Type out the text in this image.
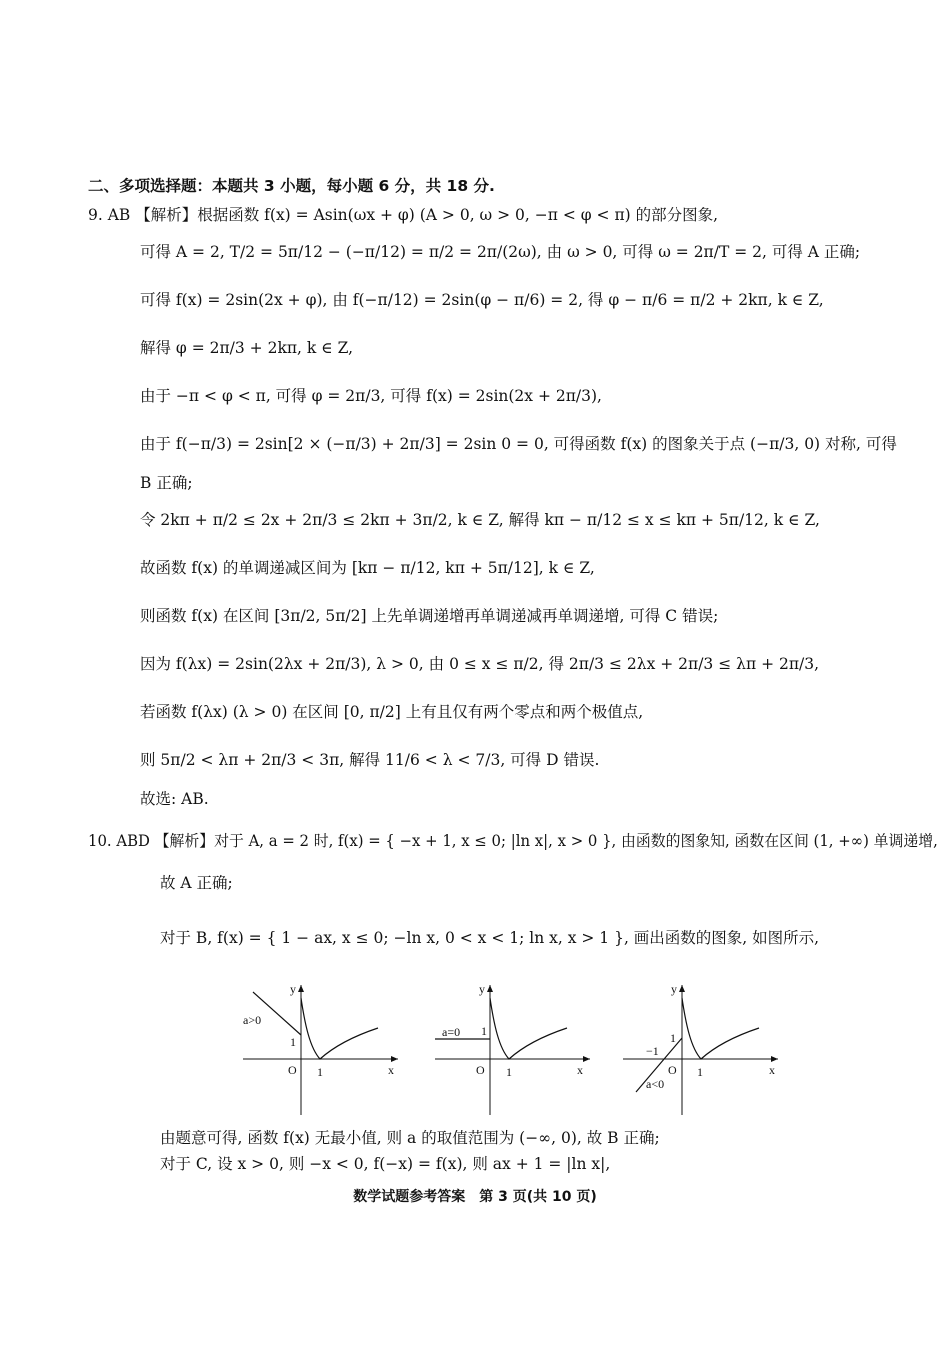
二、多项选择题：本题共 3 小题，每小题 6 分，共 18 分.
9. AB 【解析】根据函数 f(x) = Asin(ωx + φ) (A > 0, ω > 0, −π < φ < π) 的部分图象,
可得 A = 2, T/2 = 5π/12 − (−π/12) = π/2 = 2π/(2ω), 由 ω > 0, 可得 ω = 2π/T = 2, 可得 A 正确;
可得 f(x) = 2sin(2x + φ), 由 f(−π/12) = 2sin(φ − π/6) = 2, 得 φ − π/6 = π/2 + 2kπ, k ∈ Z,
解得 φ = 2π/3 + 2kπ, k ∈ Z,
由于 −π < φ < π, 可得 φ = 2π/3, 可得 f(x) = 2sin(2x + 2π/3),
由于 f(−π/3) = 2sin[2 × (−π/3) + 2π/3] = 2sin 0 = 0, 可得函数 f(x) 的图象关于点 (−π/3, 0) 对称, 可得
B 正确;
令 2kπ + π/2 ≤ 2x + 2π/3 ≤ 2kπ + 3π/2, k ∈ Z, 解得 kπ − π/12 ≤ x ≤ kπ + 5π/12, k ∈ Z,
故函数 f(x) 的单调递减区间为 [kπ − π/12, kπ + 5π/12], k ∈ Z,
则函数 f(x) 在区间 [3π/2, 5π/2] 上先单调递增再单调递减再单调递增, 可得 C 错误;
因为 f(λx) = 2sin(2λx + 2π/3), λ > 0, 由 0 ≤ x ≤ π/2, 得 2π/3 ≤ 2λx + 2π/3 ≤ λπ + 2π/3,
若函数 f(λx) (λ > 0) 在区间 [0, π/2] 上有且仅有两个零点和两个极值点,
则 5π/2 < λπ + 2π/3 < 3π, 解得 11/6 < λ < 7/3, 可得 D 错误.
故选: AB.
10. ABD 【解析】对于 A, a = 2 时, f(x) = { −x + 1, x ≤ 0; |ln x|, x > 0 }, 由函数的图象知, 函数在区间 (1, +∞) 单调递增,
故 A 正确;
对于 B, f(x) = { 1 − ax, x ≤ 0; −ln x, 0 < x < 1; ln x, x > 1 }, 画出函数的图象, 如图所示,
a>0
y
x
O 1
1
a=0
y
x
O 1
1
a<0
y
x
O 1
1
−1
由题意可得, 函数 f(x) 无最小值, 则 a 的取值范围为 (−∞, 0), 故 B 正确;
对于 C, 设 x > 0, 则 −x < 0, f(−x) = f(x), 则 ax + 1 = |ln x|,
数学试题参考答案　第 3 页(共 10 页)
